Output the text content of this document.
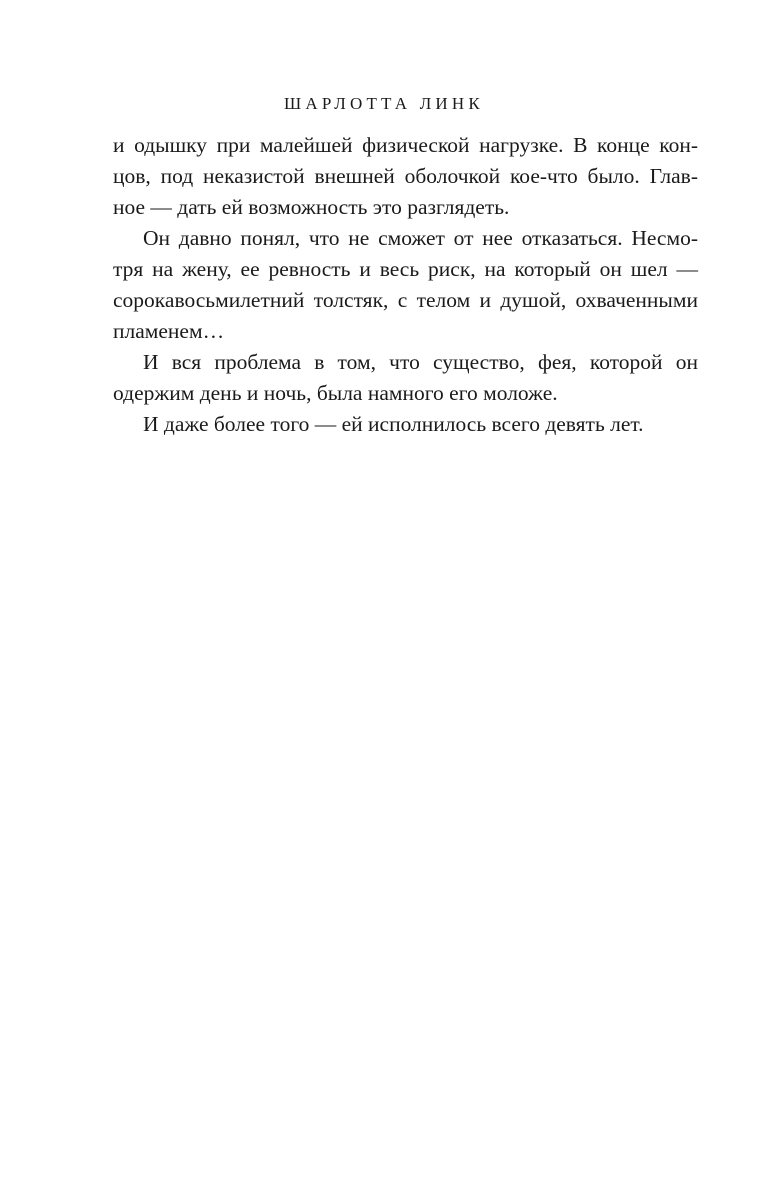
ШАРЛОТТА ЛИНК
и одышку при малейшей физической нагрузке. В конце кон-
цов, под неказистой внешней оболочкой кое-что было. Глав-
ное — дать ей возможность это разглядеть.
Он давно понял, что не сможет от нее отказаться. Несмо-
тря на жену, ее ревность и весь риск, на который он шел —
сорокавосьмилетний толстяк, с телом и душой, охваченными
пламенем…
И вся проблема в том, что существо, фея, которой он
одержим день и ночь, была намного его моложе.
И даже более того — ей исполнилось всего девять лет.
